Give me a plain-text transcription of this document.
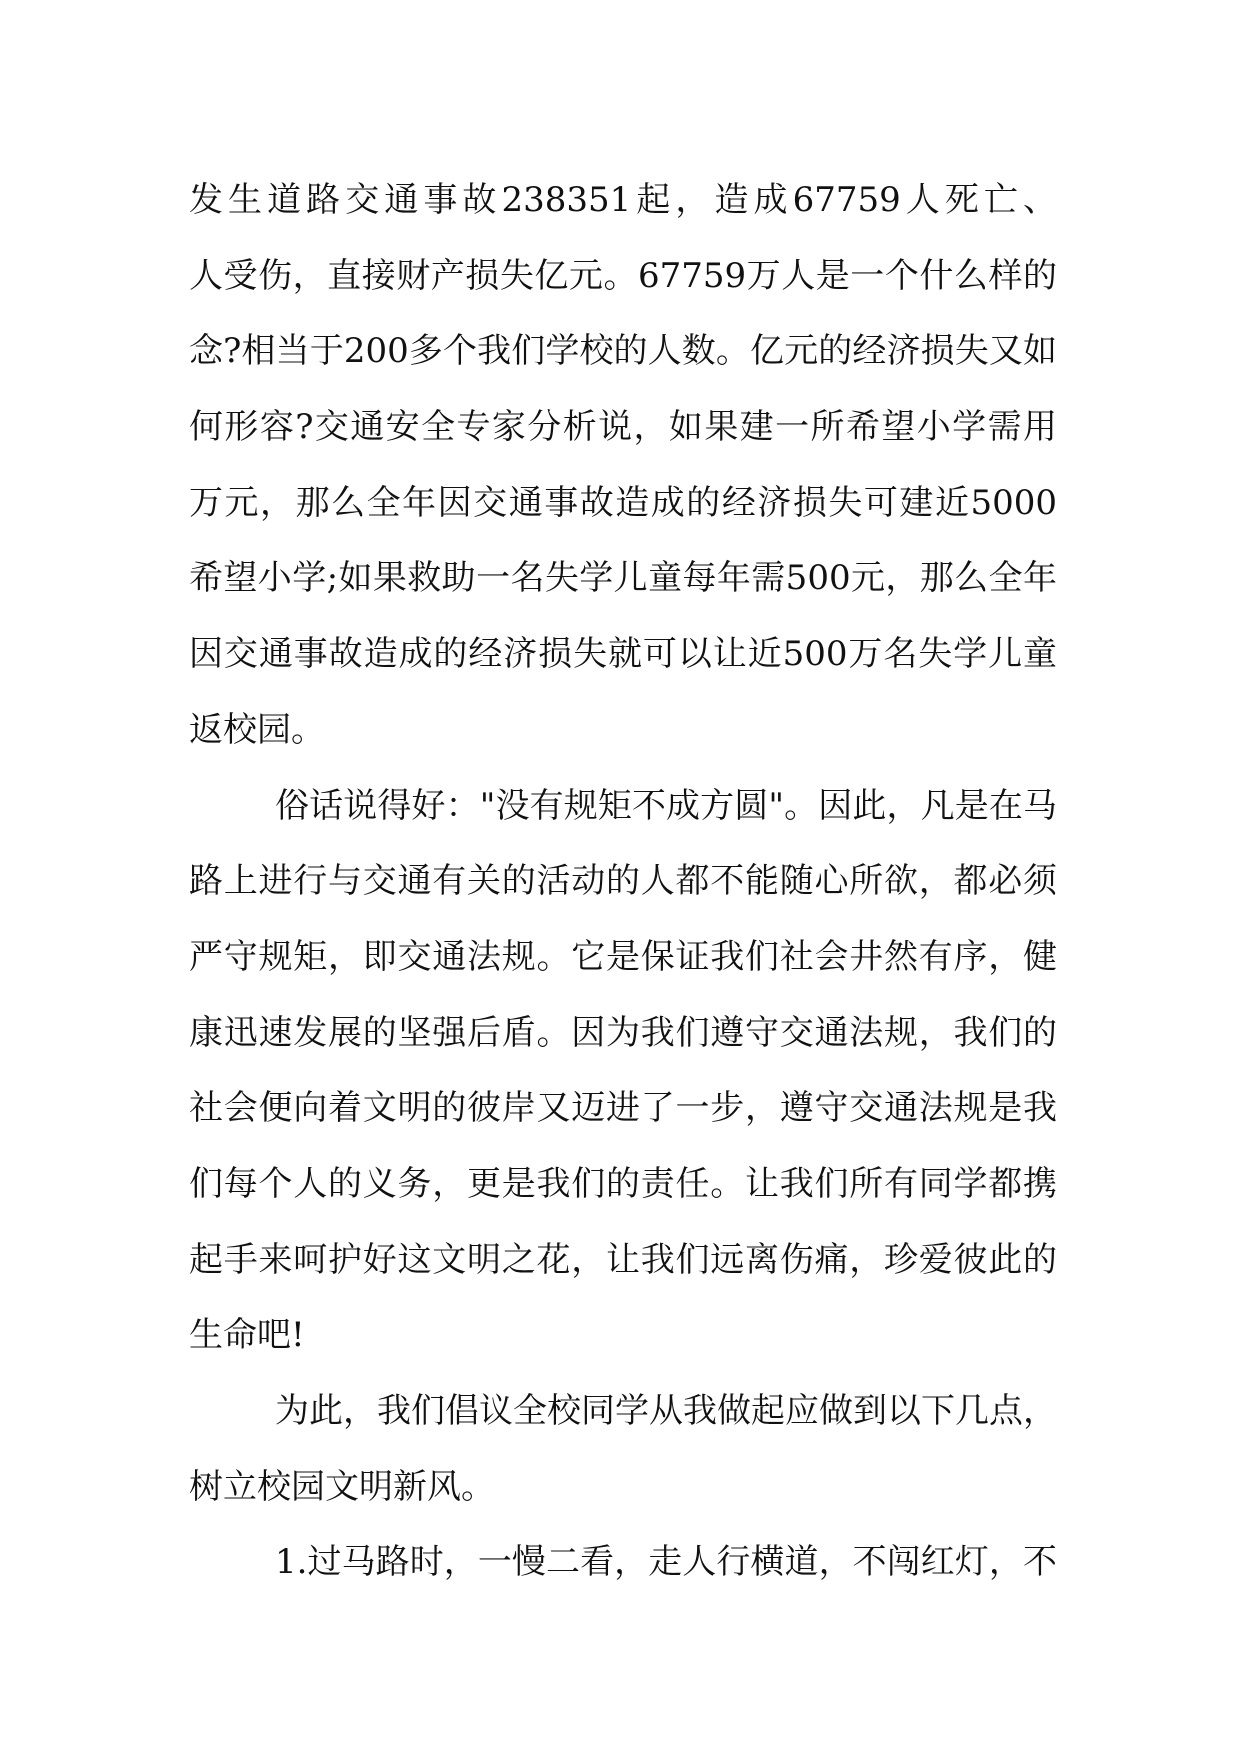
发生道路交通事故238351起，造成67759人死亡、
人受伤，直接财产损失亿元。67759万人是一个什么样的
念?相当于200多个我们学校的人数。亿元的经济损失又如
何形容?交通安全专家分析说，如果建一所希望小学需用
万元，那么全年因交通事故造成的经济损失可建近5000
希望小学;如果救助一名失学儿童每年需500元，那么全年
因交通事故造成的经济损失就可以让近500万名失学儿童
返校园。
俗话说得好："没有规矩不成方圆"。因此，凡是在马
路上进行与交通有关的活动的人都不能随心所欲，都必须
严守规矩，即交通法规。它是保证我们社会井然有序，健
康迅速发展的坚强后盾。因为我们遵守交通法规，我们的
社会便向着文明的彼岸又迈进了一步，遵守交通法规是我
们每个人的义务，更是我们的责任。让我们所有同学都携
起手来呵护好这文明之花，让我们远离伤痛，珍爱彼此的
生命吧!
为此，我们倡议全校同学从我做起应做到以下几点，
树立校园文明新风。
1.过马路时，一慢二看，走人行横道，不闯红灯，不
